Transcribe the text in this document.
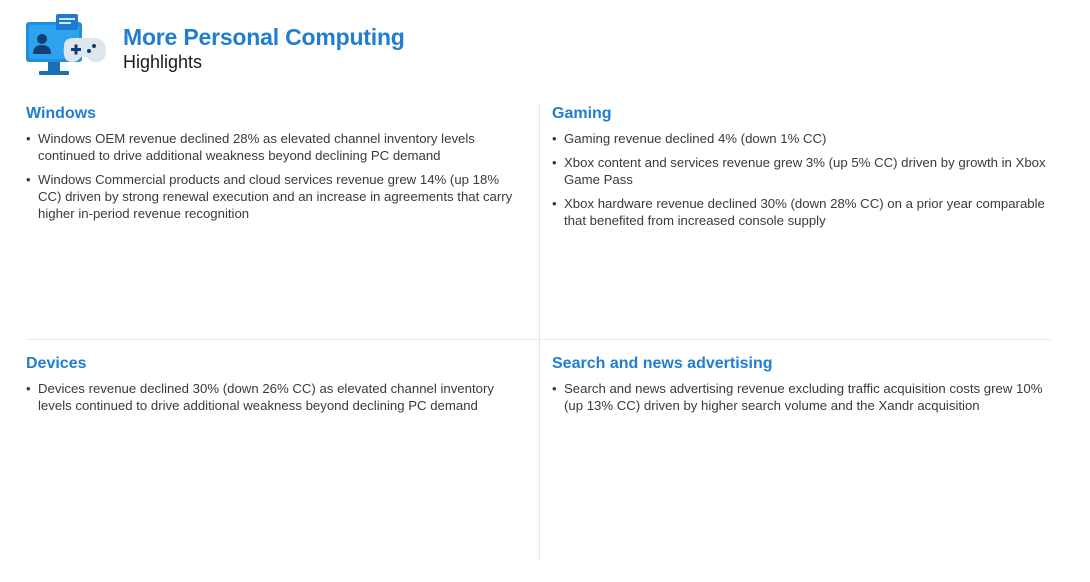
More Personal Computing
Highlights
Windows
• Windows OEM revenue declined 28% as elevated channel inventory levels continued to drive additional weakness beyond declining PC demand
• Windows Commercial products and cloud services revenue grew 14% (up 18% CC) driven by strong renewal execution and an increase in agreements that carry higher in-period revenue recognition
Gaming
• Gaming revenue declined 4% (down 1% CC)
• Xbox content and services revenue grew 3% (up 5% CC) driven by growth in Xbox Game Pass
• Xbox hardware revenue declined 30% (down 28% CC) on a prior year comparable that benefited from increased console supply
Devices
• Devices revenue declined 30% (down 26% CC) as elevated channel inventory levels continued to drive additional weakness beyond declining PC demand
Search and news advertising
• Search and news advertising revenue excluding traffic acquisition costs grew 10% (up 13% CC) driven by higher search volume and the Xandr acquisition
